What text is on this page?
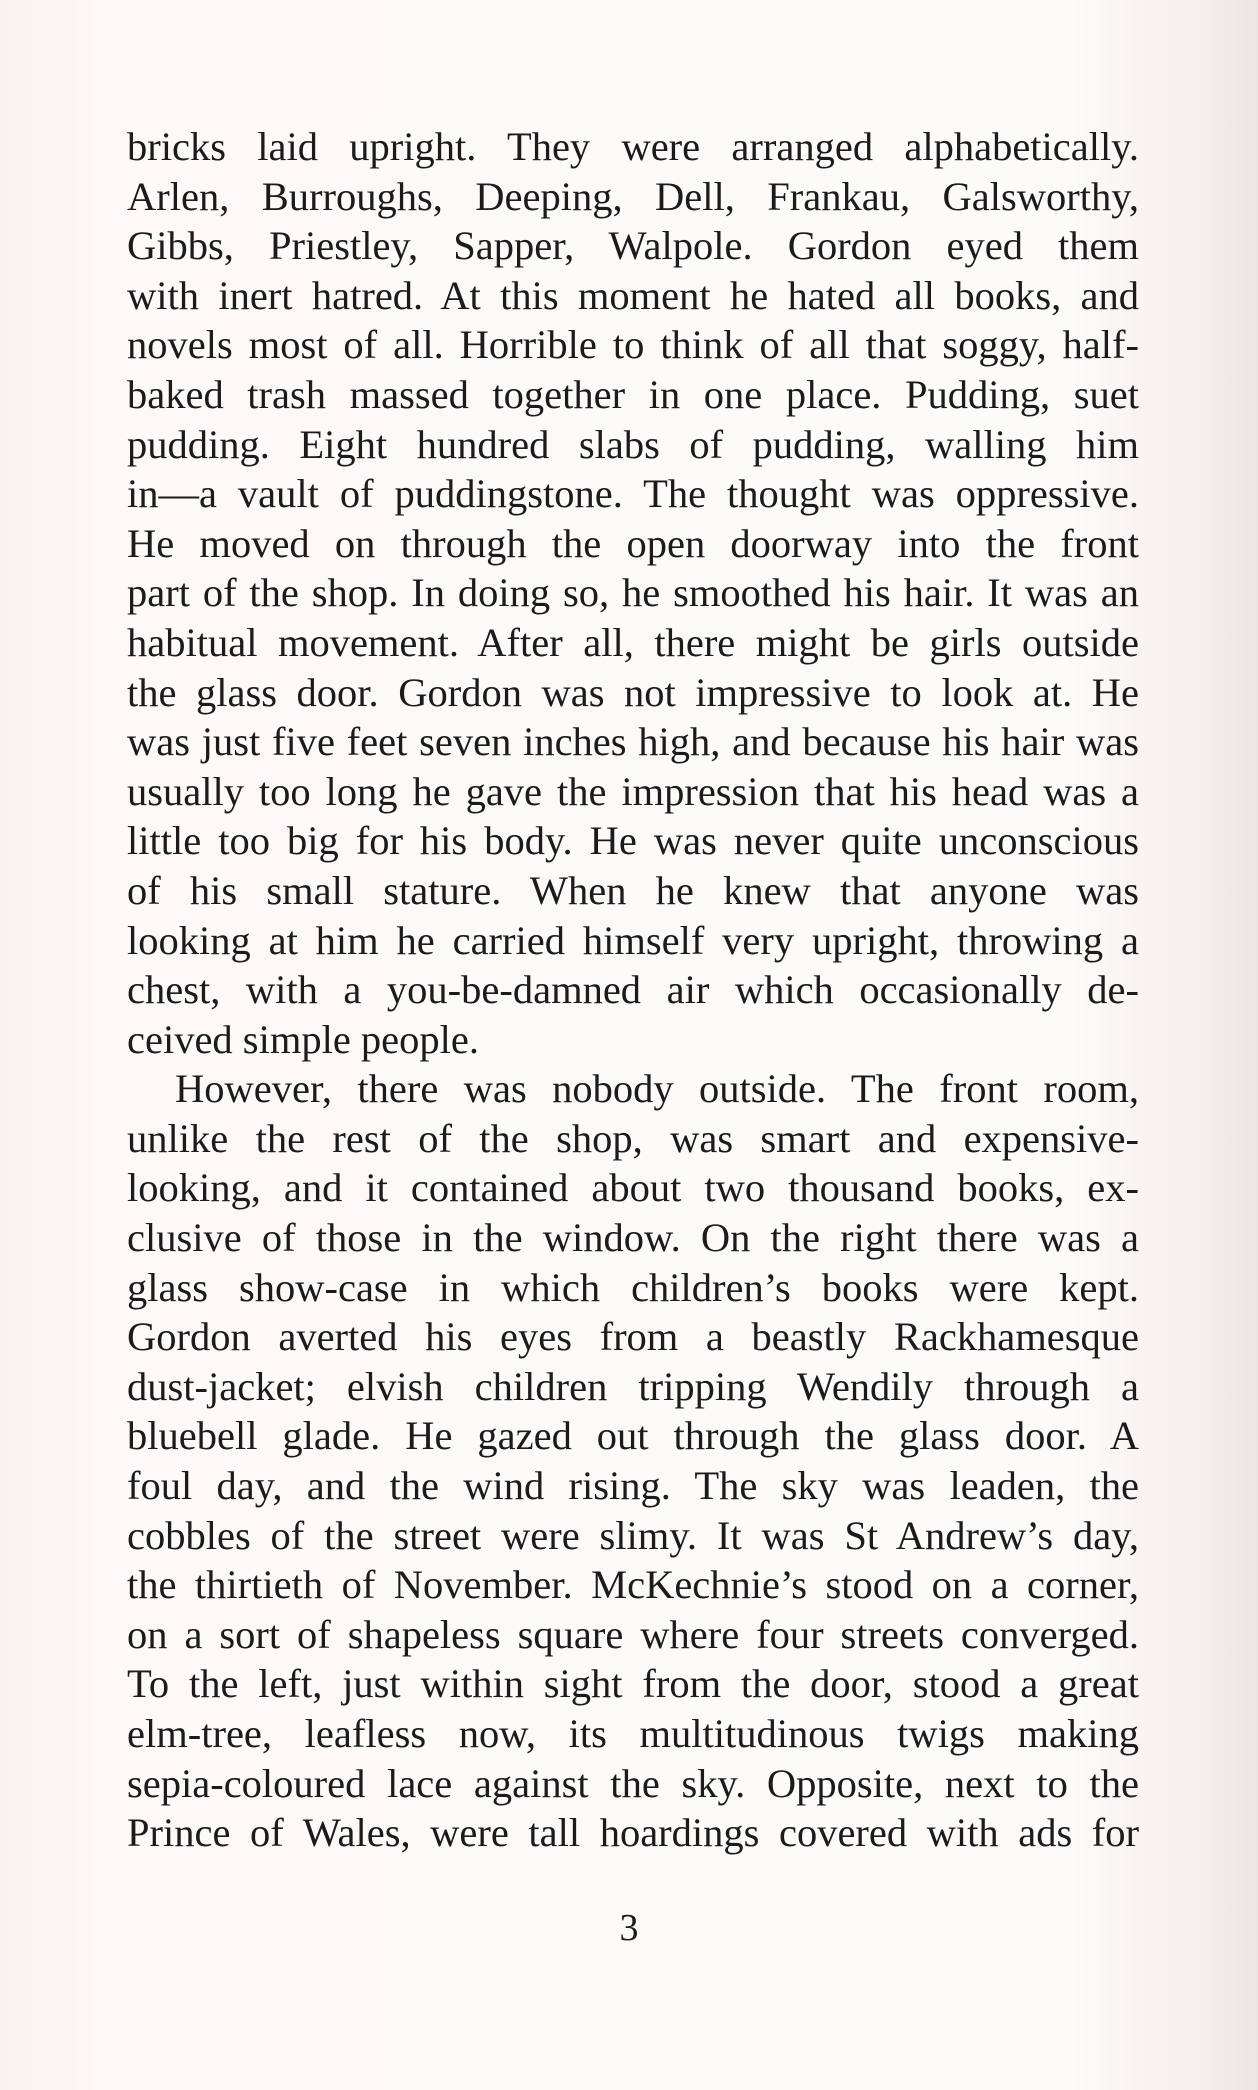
bricks laid upright. They were arranged alphabetically.
Arlen, Burroughs, Deeping, Dell, Frankau, Galsworthy,
Gibbs, Priestley, Sapper, Walpole. Gordon eyed them
with inert hatred. At this moment he hated all books, and
novels most of all. Horrible to think of all that soggy, half-
baked trash massed together in one place. Pudding, suet
pudding. Eight hundred slabs of pudding, walling him
in—a vault of puddingstone. The thought was oppressive.
He moved on through the open doorway into the front
part of the shop. In doing so, he smoothed his hair. It was an
habitual movement. After all, there might be girls outside
the glass door. Gordon was not impressive to look at. He
was just five feet seven inches high, and because his hair was
usually too long he gave the impression that his head was a
little too big for his body. He was never quite unconscious
of his small stature. When he knew that anyone was
looking at him he carried himself very upright, throwing a
chest, with a you-be-damned air which occasionally de-
ceived simple people.
However, there was nobody outside. The front room,
unlike the rest of the shop, was smart and expensive-
looking, and it contained about two thousand books, ex-
clusive of those in the window. On the right there was a
glass show-case in which children’s books were kept.
Gordon averted his eyes from a beastly Rackhamesque
dust-jacket; elvish children tripping Wendily through a
bluebell glade. He gazed out through the glass door. A
foul day, and the wind rising. The sky was leaden, the
cobbles of the street were slimy. It was St Andrew’s day,
the thirtieth of November. McKechnie’s stood on a corner,
on a sort of shapeless square where four streets converged.
To the left, just within sight from the door, stood a great
elm-tree, leafless now, its multitudinous twigs making
sepia-coloured lace against the sky. Opposite, next to the
Prince of Wales, were tall hoardings covered with ads for
3
